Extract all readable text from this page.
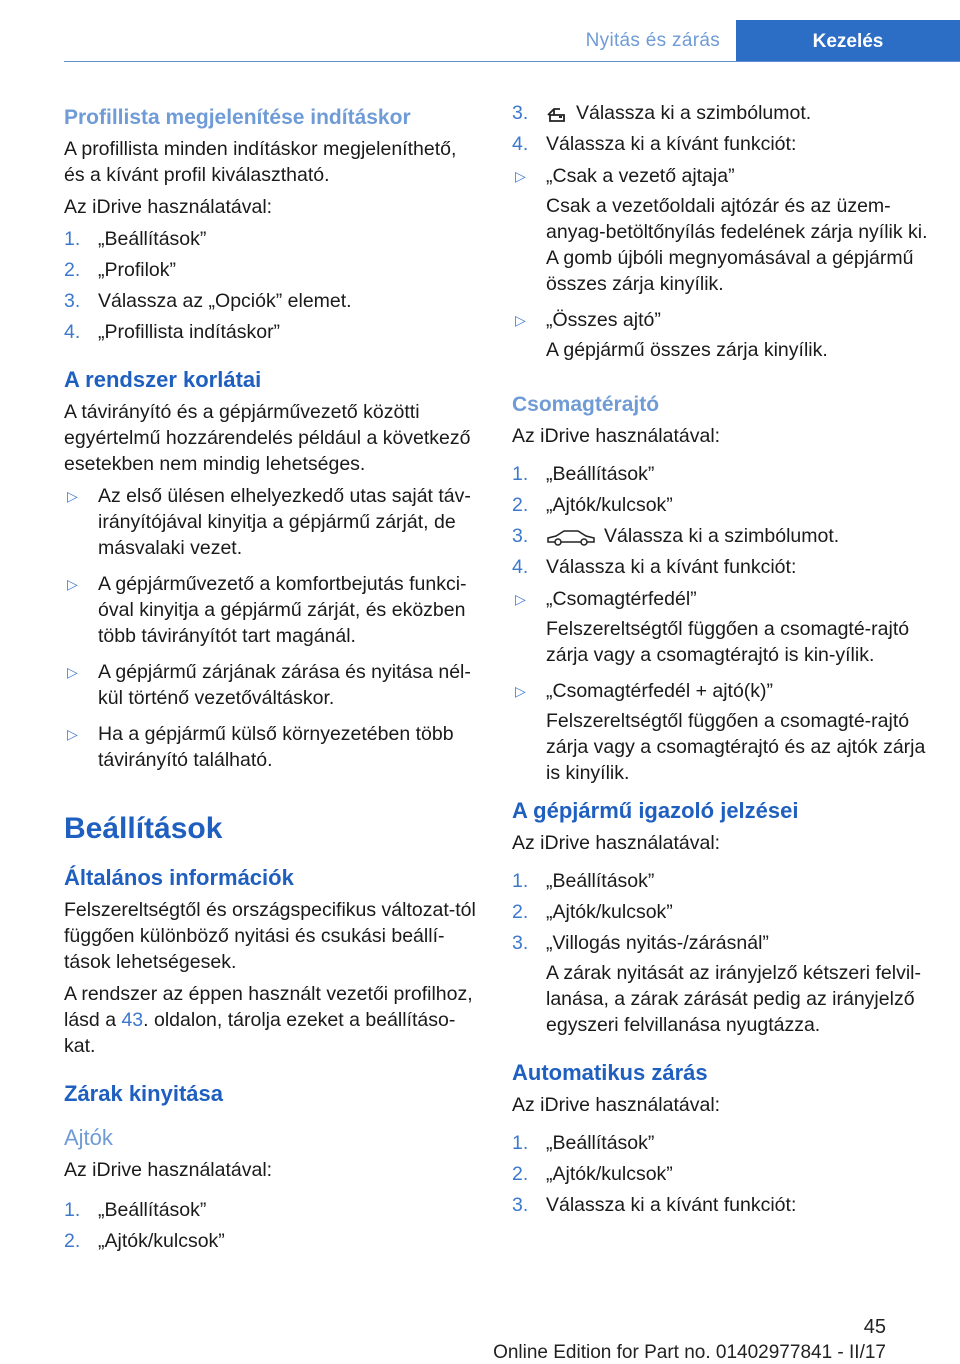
Nyitás és zárás	Kezelés
Profillista megjelenítése indításkor

A profillista minden indításkor megjeleníthető, és a kívánt profil kiválasztható.

Az iDrive használatával:

1. „Beállítások”
2. „Profilok”
3. Válassza az „Opciók” elemet.
4. „Profillista indításkor”
A rendszer korlátai

A távirányító és a gépjárművezető közötti egyértelmű hozzárendelés például a következő esetekben nem mindig lehetséges.

▷ Az első ülésen elhelyezkedő utas saját táv-irányítójával kinyitja a gépjármű zárját, de másvalaki vezet.
▷ A gépjárművezető a komfortbejutás funkci-óval kinyitja a gépjármű zárját, és eközben több távirányítót tart magánál.
▷ A gépjármű zárjának zárása és nyitása nél-kül történő vezetőváltáskor.
▷ Ha a gépjármű külső környezetében több távirányító található.
Beállítások
Általános információk

Felszereltségtől és országspecifikus változat-tól függően különböző nyitási és csukási beállí-tások lehetségesek.

A rendszer az éppen használt vezetői profilhoz, lásd a 43. oldalon, tárolja ezeket a beállításo-kat.

Zárak kinyitása
Ajtók

Az iDrive használatával:

1. „Beállítások”
2. „Ajtók/kulcsok”
3. Válassza ki a szimbólumot.
4. Válassza ki a kívánt funkciót:
▷ „Csak a vezető ajtaja”
Csak a vezetőoldali ajtózár és az üzem-anyag-betöltőnyílás fedelének zárja nyílik ki. A gomb újbóli megnyomásával a gépjármű összes zárja kinyílik.
▷ „Összes ajtó”
A gépjármű összes zárja kinyílik.
Csomagtérajtó

Az iDrive használatával:

1. „Beállítások”
2. „Ajtók/kulcsok”
3.	Válassza ki a szimbólumot.
4. Válassza ki a kívánt funkciót:
▷ „Csomagtérfedél”
Felszereltségtől függően a csomagté-rajtó zárja vagy a csomagtérajtó is kin-yílik.
▷ „Csomagtérfedél + ajtó(k)”
Felszereltségtől függően a csomagté-rajtó zárja vagy a csomagtérajtó és az ajtók zárja is kinyílik.
A gépjármű igazoló jelzései

Az iDrive használatával:

1. „Beállítások”
2. „Ajtók/kulcsok”
3. „Villogás nyitás-/zárásnál”
A zárak nyitását az irányjelző kétszeri felvil-lanása, a zárak zárását pedig az irányjelző egyszeri felvillanása nyugtázza.
Automatikus zárás

Az iDrive használatával:

1. „Beállítások”
2. „Ajtók/kulcsok”
3. Válassza ki a kívánt funkciót:
45
Online Edition for Part no. 01402977841 - II/17
